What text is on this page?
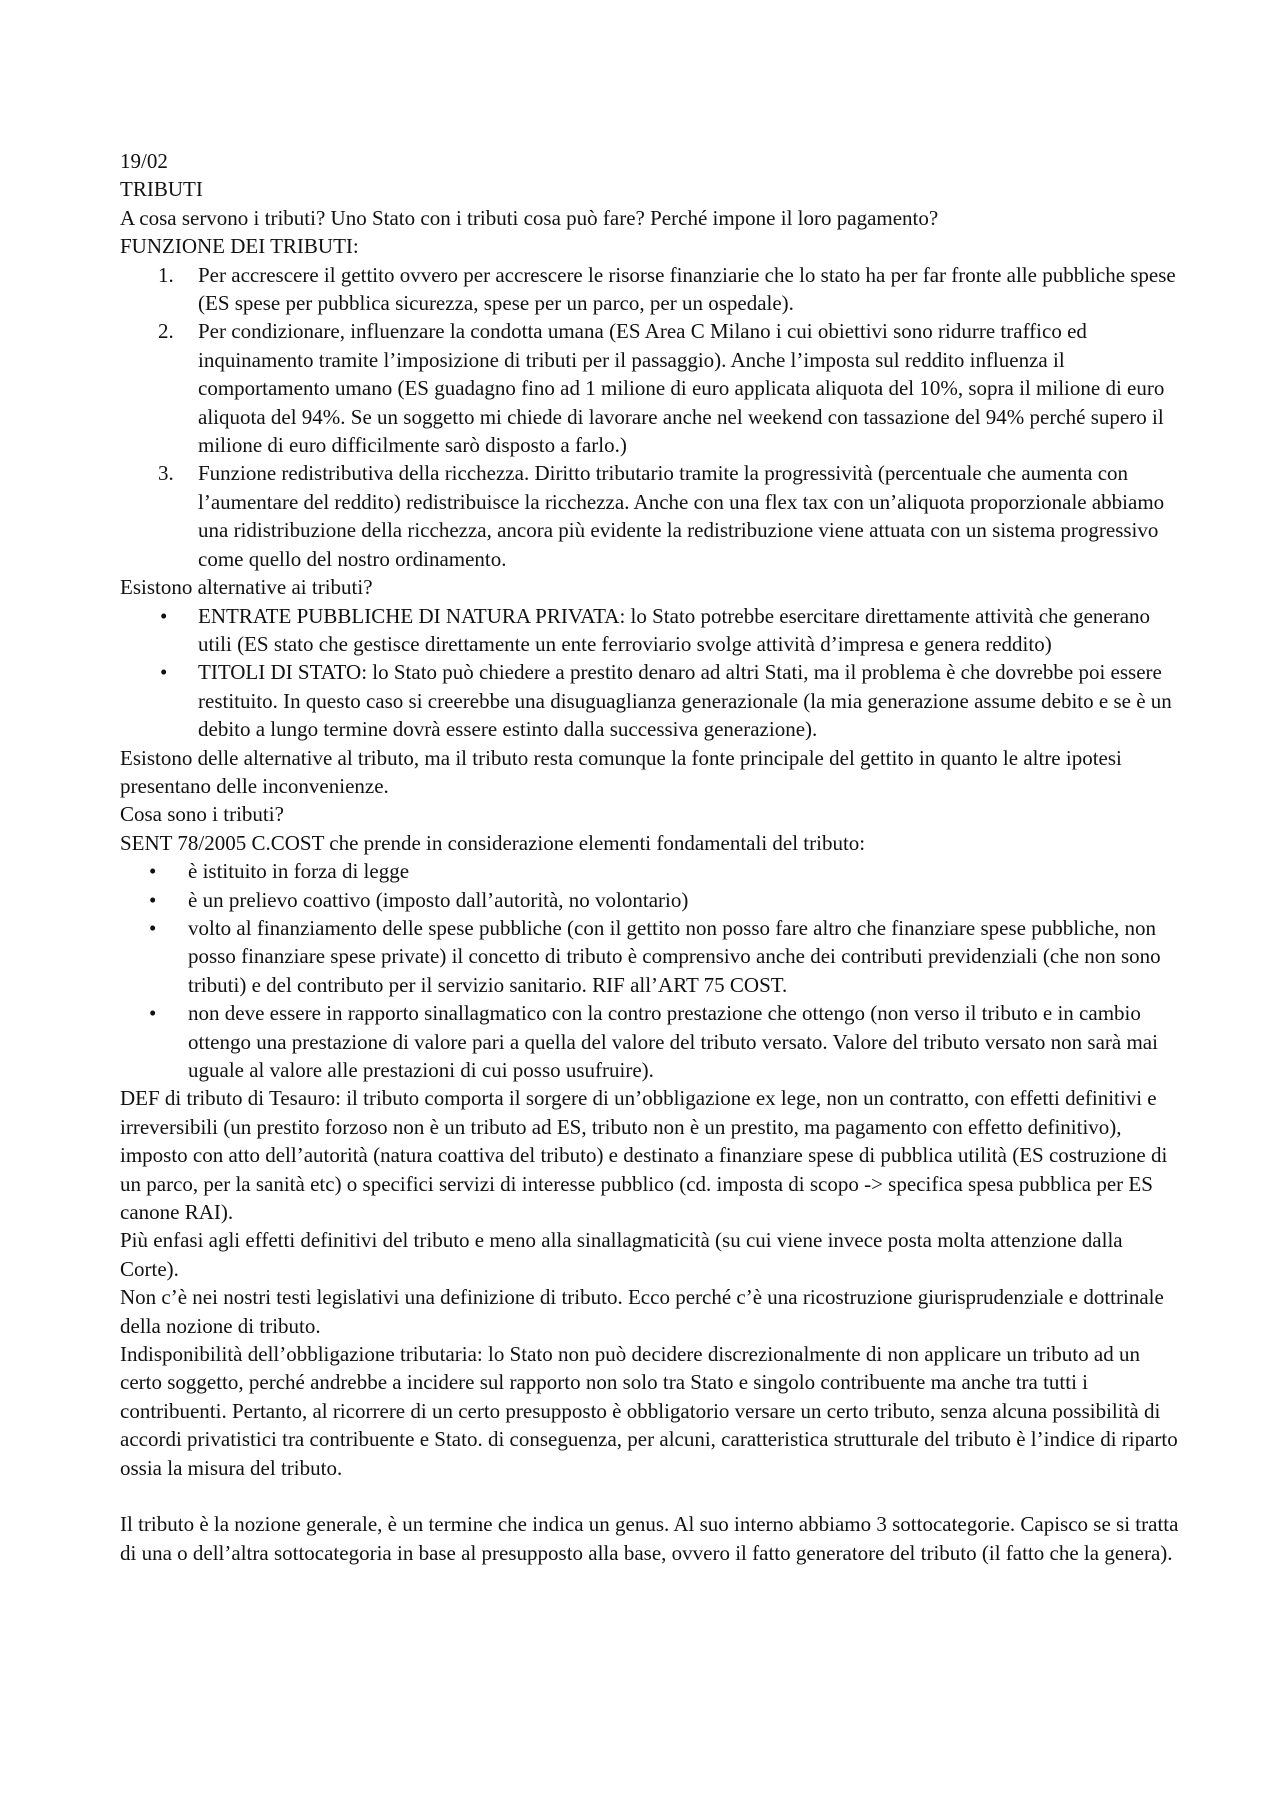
19/02

TRIBUTI

A cosa servono i tributi? Uno Stato con i tributi cosa può fare? Perché impone il loro pagamento?

FUNZIONE DEI TRIBUTI:

1. Per accrescere il gettito ovvero per accrescere le risorse finanziarie che lo stato ha per far fronte alle pubbliche spese (ES spese per pubblica sicurezza, spese per un parco, per un ospedale).
2. Per condizionare, influenzare la condotta umana (ES Area C Milano i cui obiettivi sono ridurre traffico ed inquinamento tramite l’imposizione di tributi per il passaggio). Anche l’imposta sul reddito influenza il comportamento umano (ES guadagno fino ad 1 milione di euro applicata aliquota del 10%, sopra il milione di euro aliquota del 94%. Se un soggetto mi chiede di lavorare anche nel weekend con tassazione del 94% perché supero il milione di euro difficilmente sarò disposto a farlo.)
3. Funzione redistributiva della ricchezza. Diritto tributario tramite la progressività (percentuale che aumenta con l’aumentare del reddito) redistribuisce la ricchezza. Anche con una flex tax con un’aliquota proporzionale abbiamo una ridistribuzione della ricchezza, ancora più evidente la redistribuzione viene attuata con un sistema progressivo come quello del nostro ordinamento.

Esistono alternative ai tributi?

• ENTRATE PUBBLICHE DI NATURA PRIVATA: lo Stato potrebbe esercitare direttamente attività che generano utili (ES stato che gestisce direttamente un ente ferroviario svolge attività d’impresa e genera reddito)
• TITOLI DI STATO: lo Stato può chiedere a prestito denaro ad altri Stati, ma il problema è che dovrebbe poi essere restituito. In questo caso si creerebbe una disuguaglianza generazionale (la mia generazione assume debito e se è un debito a lungo termine dovrà essere estinto dalla successiva generazione).

Esistono delle alternative al tributo, ma il tributo resta comunque la fonte principale del gettito in quanto le altre ipotesi presentano delle inconvenienze.

Cosa sono i tributi?

SENT 78/2005 C.COST che prende in considerazione elementi fondamentali del tributo:

• è istituito in forza di legge
• è un prelievo coattivo (imposto dall’autorità, no volontario)
• volto al finanziamento delle spese pubbliche (con il gettito non posso fare altro che finanziare spese pubbliche, non posso finanziare spese private) il concetto di tributo è comprensivo anche dei contributi previdenziali (che non sono tributi) e del contributo per il servizio sanitario. RIF all’ART 75 COST.
• non deve essere in rapporto sinallagmatico con la contro prestazione che ottengo (non verso il tributo e in cambio ottengo una prestazione di valore pari a quella del valore del tributo versato. Valore del tributo versato non sarà mai uguale al valore alle prestazioni di cui posso usufruire).

DEF di tributo di Tesauro: il tributo comporta il sorgere di un’obbligazione ex lege, non un contratto, con effetti definitivi e irreversibili (un prestito forzoso non è un tributo ad ES, tributo non è un prestito, ma pagamento con effetto definitivo), imposto con atto dell’autorità (natura coattiva del tributo) e destinato a finanziare spese di pubblica utilità (ES costruzione di un parco, per la sanità etc) o specifici servizi di interesse pubblico (cd. imposta di scopo -> specifica spesa pubblica per ES canone RAI).

Più enfasi agli effetti definitivi del tributo e meno alla sinallagmaticità (su cui viene invece posta molta attenzione dalla Corte).

Non c’è nei nostri testi legislativi una definizione di tributo. Ecco perché c’è una ricostruzione giurisprudenziale e dottrinale della nozione di tributo.

Indisponibilità dell’obbligazione tributaria: lo Stato non può decidere discrezionalmente di non applicare un tributo ad un certo soggetto, perché andrebbe a incidere sul rapporto non solo tra Stato e singolo contribuente ma anche tra tutti i contribuenti. Pertanto, al ricorrere di un certo presupposto è obbligatorio versare un certo tributo, senza alcuna possibilità di accordi privatistici tra contribuente e Stato. di conseguenza, per alcuni, caratteristica strutturale del tributo è l’indice di riparto ossia la misura del tributo.

Il tributo è la nozione generale, è un termine che indica un genus. Al suo interno abbiamo 3 sottocategorie. Capisco se si tratta di una o dell’altra sottocategoria in base al presupposto alla base, ovvero il fatto generatore del tributo (il fatto che la genera).
